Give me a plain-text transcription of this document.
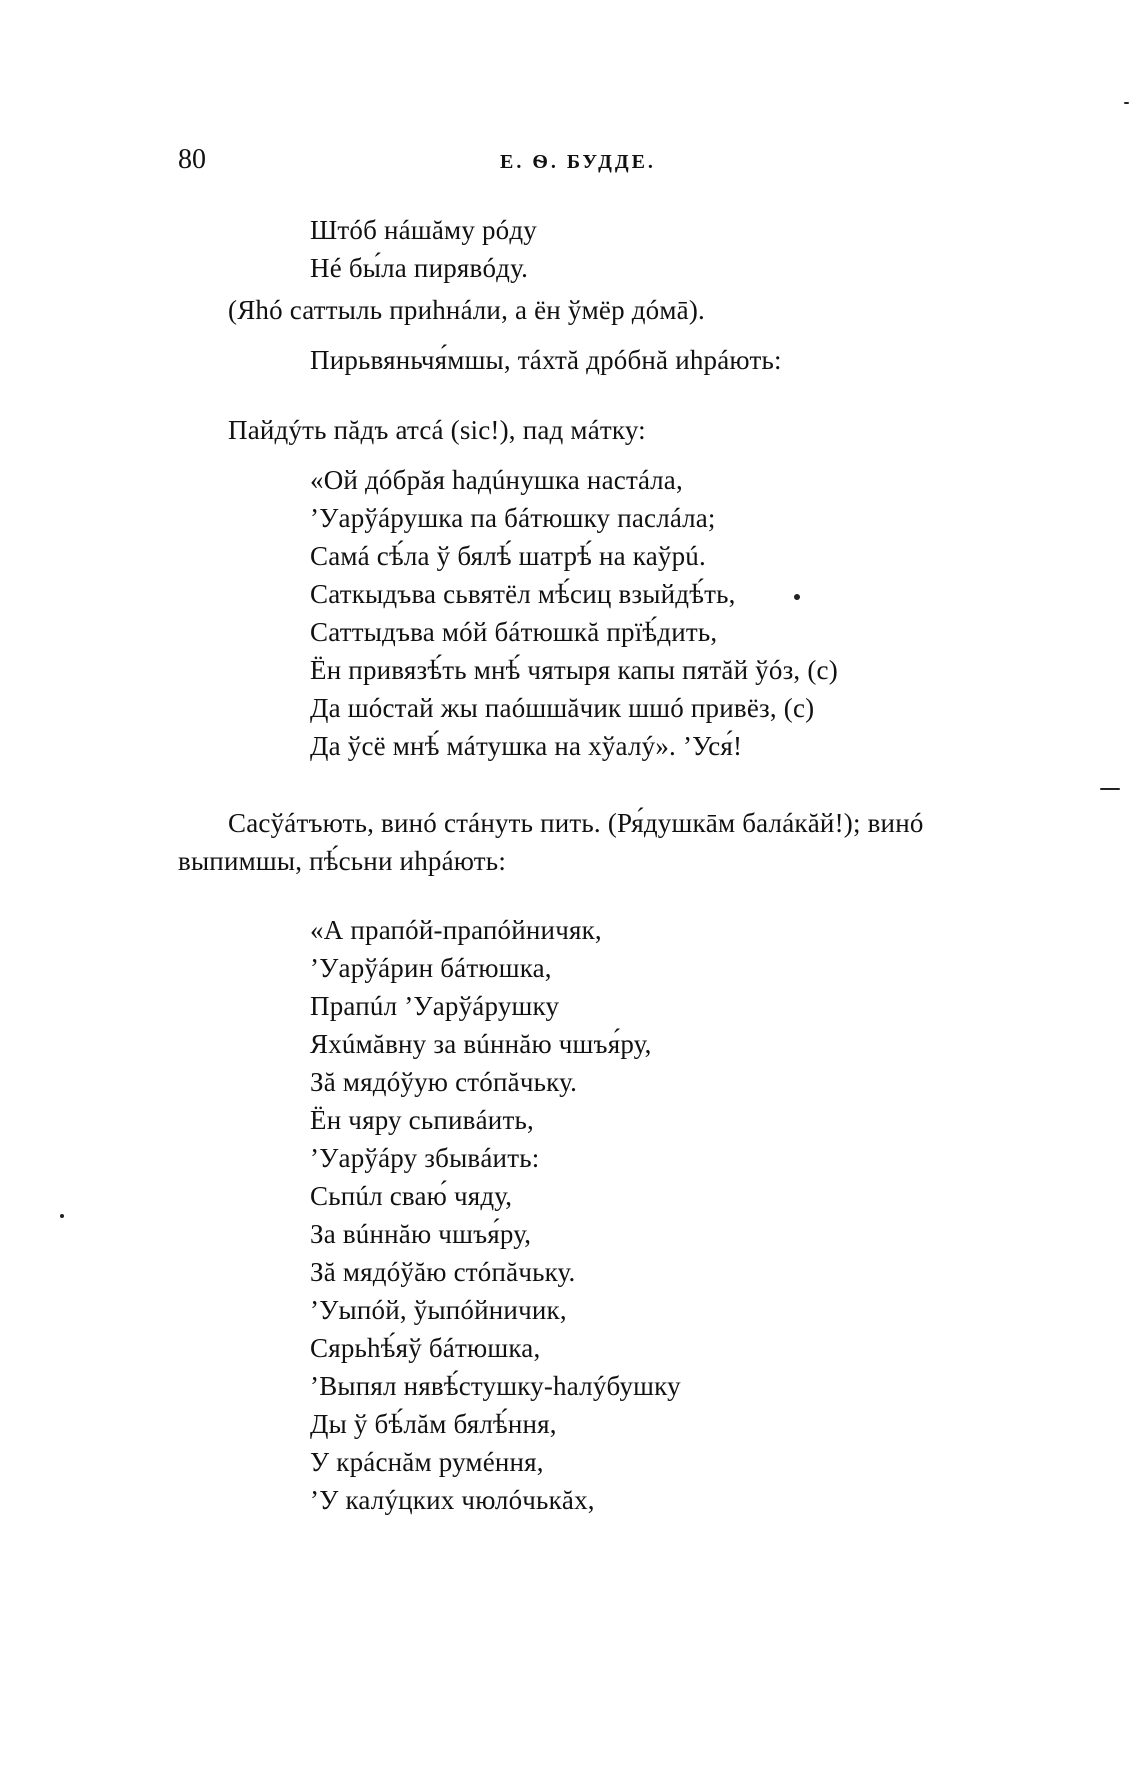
80	Е. Ѳ. БУДДЕ.
Штóб нáшăму рóду
Нé бы́ла пирявóду.
(Яhó саттыль приhнáли, а ён ўмёр дóмā).
Пирьвяньчя́мшы, тáхтă дрóбнă иhрáють:
Пайдýть пăдъ атсá (sic!), пад мáтку:
«Ой дóбрăя hадúнушка настáла,
’Уарўáрушка па бáтюшку паслáла;
Самá сѣ́ла ў бялѣ́ шатрѣ́ на каўрú.
Саткыдъва сьвятёл мѣ́сиц взыйдѣ́ть,
Саттыдъва мóй бáтюшкă прїѣ́дить,
Ён привязѣ́ть мнѣ́ чятыря капы пятăй ўóз, (с)
Да шóстай жы паóшшăчик шшó привёз, (с)
Да ўсё мнѣ́ мáтушка на хўалý». ’Уся́!
Сасўáтъють, винó стáнуть пить. (Ря́душкāм балáкăй!); винó
выпимшы, пѣ́сьни иhрáють:
«А прапóй-прапóйничяк,
’Уарўáрин бáтюшка,
Прапúл ’Уарўáрушку
Яхúмăвну за вúннăю чшъя́ру,
Зă мядóўую стóпăчьку.
Ён чяру сьпивáить,
’Уарўáру збывáить:
Сьпúл сваю́ чяду,
За вúннăю чшъя́ру,
Зă мядóўăю стóпăчьку.
’Уыпóй, ўыпóйничик,
Сярьhѣ́яў бáтюшка,
’Выпял нявѣ́стушку-hалýбушку
Ды ў бѣ́лăм бялѣ́ння,
У крáснăм румéння,
’У калýцких чюлóчькăх,
